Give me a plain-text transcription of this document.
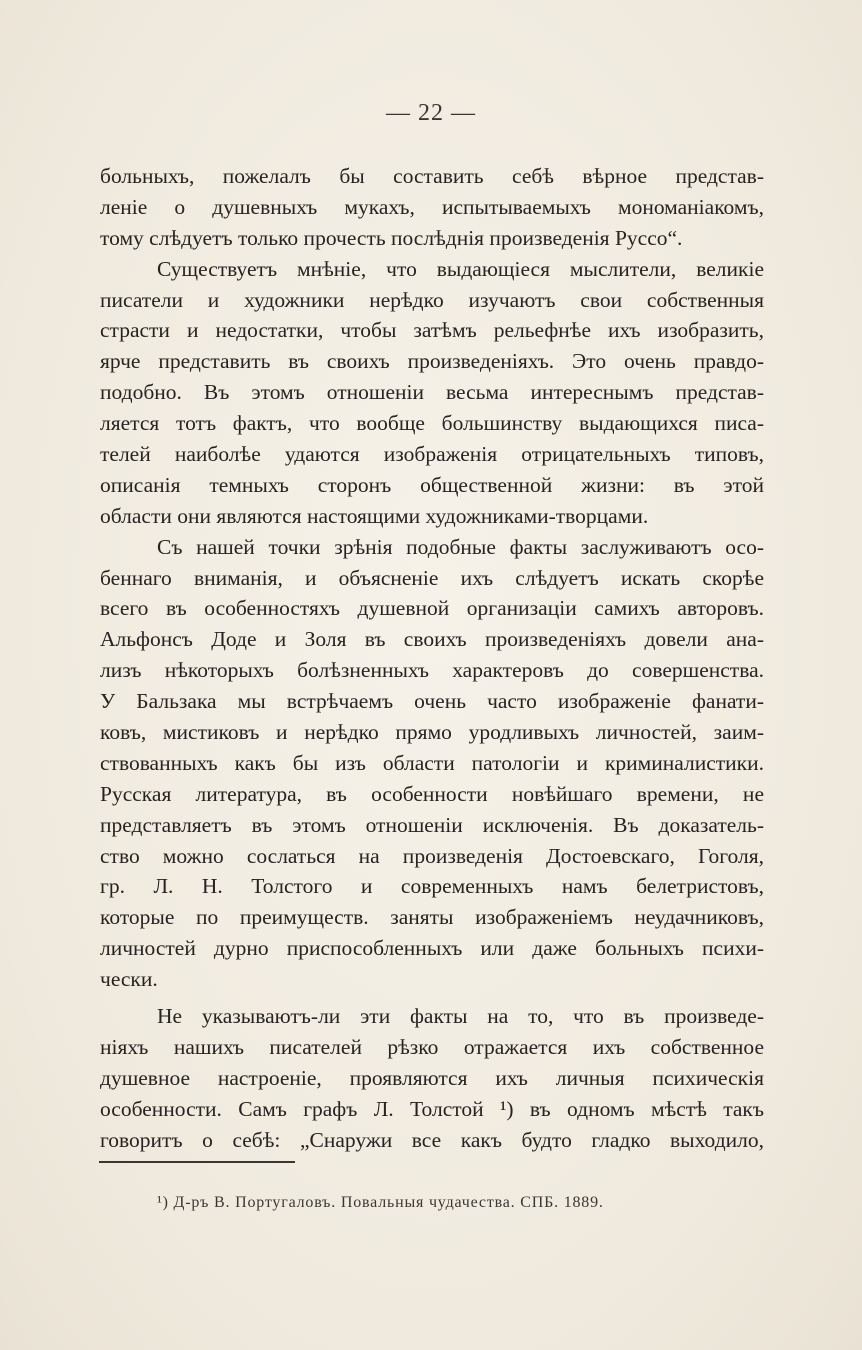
— 22 —
больныхъ, пожелалъ бы составить себѣ вѣрное представ-
леніе о душевныхъ мукахъ, испытываемыхъ мономаніакомъ,
тому слѣдуетъ только прочесть послѣднія произведенія Руссо“.
Существуетъ мнѣніе, что выдающіеся мыслители, великіе
писатели и художники нерѣдко изучаютъ свои собственныя
страсти и недостатки, чтобы затѣмъ рельефнѣе ихъ изобразить,
ярче представить въ своихъ произведеніяхъ. Это очень правдо-
подобно. Въ этомъ отношеніи весьма интереснымъ представ-
ляется тотъ фактъ, что вообще большинству выдающихся писа-
телей наиболѣе удаются изображенія отрицательныхъ типовъ,
описанія темныхъ сторонъ общественной жизни: въ этой
области они являются настоящими художниками-творцами.
Съ нашей точки зрѣнія подобные факты заслуживаютъ осо-
беннаго вниманія, и объясненіе ихъ слѣдуетъ искать скорѣе
всего въ особенностяхъ душевной организаціи самихъ авторовъ.
Альфонсъ Доде и Золя въ своихъ произведеніяхъ довели ана-
лизъ нѣкоторыхъ болѣзненныхъ характеровъ до совершенства.
У Бальзака мы встрѣчаемъ очень часто изображеніе фанати-
ковъ, мистиковъ и нерѣдко прямо уродливыхъ личностей, заим-
ствованныхъ какъ бы изъ области патологіи и криминалистики.
Русская литература, въ особенности новѣйшаго времени, не
представляетъ въ этомъ отношеніи исключенія. Въ доказатель-
ство можно сослаться на произведенія Достоевскаго, Гоголя,
гр. Л. Н. Толстого и современныхъ намъ белетристовъ,
которые по преимуществ. заняты изображеніемъ неудачниковъ,
личностей дурно приспособленныхъ или даже больныхъ психи-
чески.
Не указываютъ-ли эти факты на то, что въ произведе-
ніяхъ нашихъ писателей рѣзко отражается ихъ собственное
душевное настроеніе, проявляются ихъ личныя психическія
особенности. Самъ графъ Л. Толстой ¹) въ одномъ мѣстѣ такъ
говоритъ о себѣ: „Снаружи все какъ будто гладко выходило,
¹) Д-ръ В. Португаловъ. Повальныя чудачества. СПБ. 1889.
